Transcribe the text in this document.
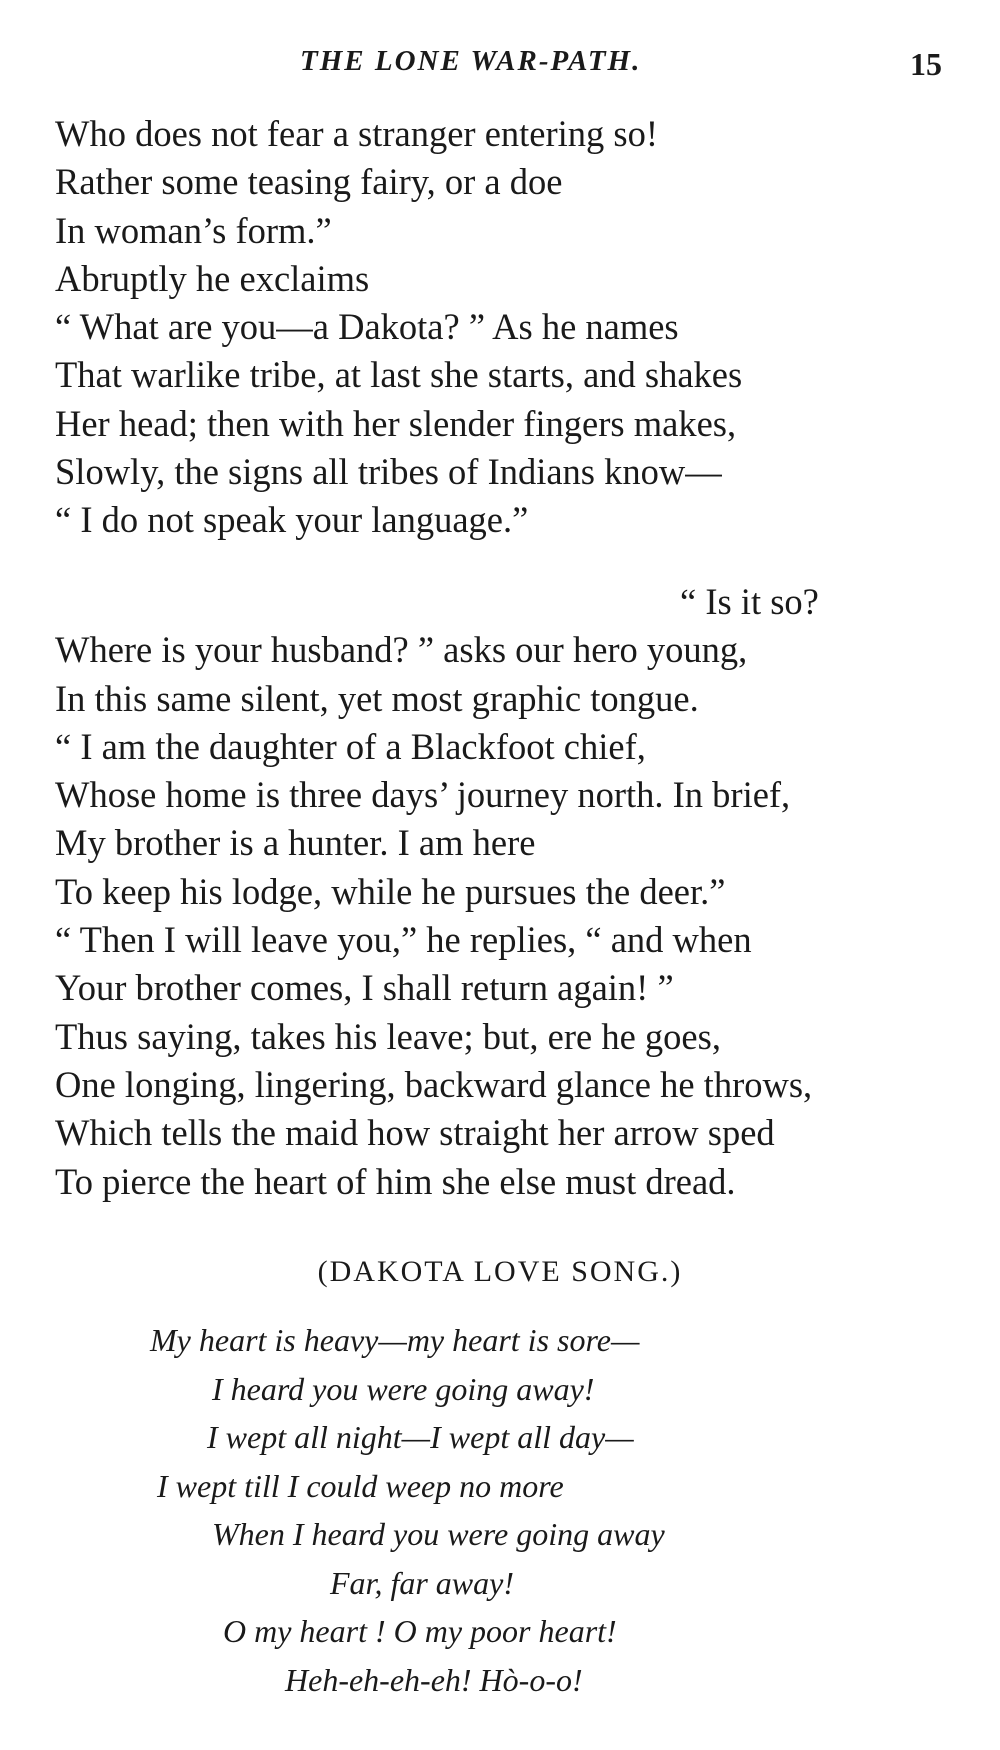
THE LONE WAR-PATH.	15
Who does not fear a stranger entering so!
Rather some teasing fairy, or a doe
In woman’s form.”
Abruptly he exclaims
“ What are you—a Dakota? ” As he names
That warlike tribe, at last she starts, and shakes
Her head; then with her slender fingers makes,
Slowly, the signs all tribes of Indians know—
“ I do not speak your language.”
“ Is it so?
Where is your husband? ” asks our hero young,
In this same silent, yet most graphic tongue.
“ I am the daughter of a Blackfoot chief,
Whose home is three days’ journey north. In brief,
My brother is a hunter. I am here
To keep his lodge, while he pursues the deer.”
“ Then I will leave you,” he replies, “ and when
Your brother comes, I shall return again! ”
Thus saying, takes his leave; but, ere he goes,
One longing, lingering, backward glance he throws,
Which tells the maid how straight her arrow sped
To pierce the heart of him she else must dread.
(DAKOTA LOVE SONG.)
My heart is heavy—my heart is sore—
I heard you were going away!
I wept all night—I wept all day—
I wept till I could weep no more
When I heard you were going away
Far, far away!
O my heart ! O my poor heart!
Heh-eh-eh-eh! Hò-o-o!
